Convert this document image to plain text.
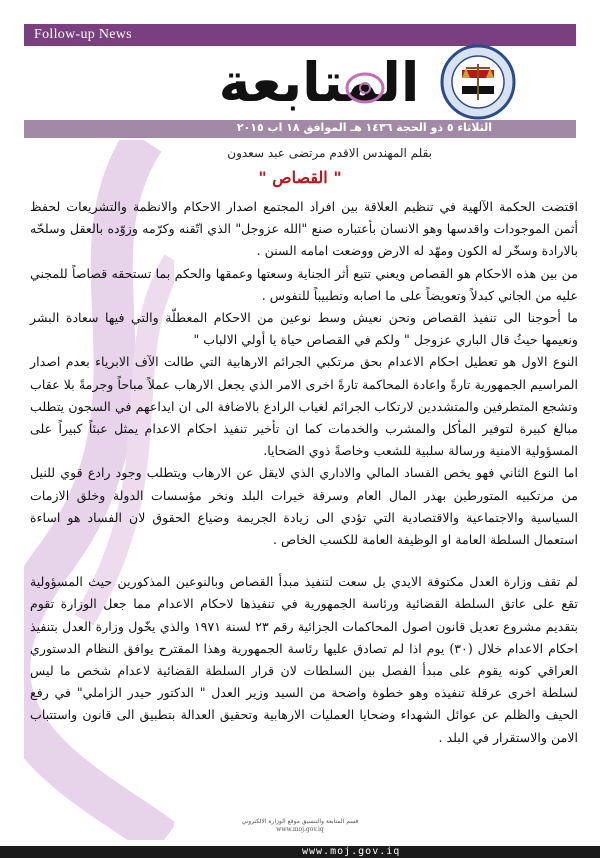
Follow-up News
المتابعة
الثلاثاء ٥ ذو الحجة ١٤٣٦ هـ الموافق ١٨ اب ٢٠١٥
بقلم المهندس الاقدم مرتضى عبد سعدون
" القصاص "

اقتضت الحكمة الآلهية في تنظيم العلاقة بين افراد المجتمع اصدار الاحكام والانظمة والتشريعات لحفظ أثمن الموجودات واقدسها وهو الانسان بأعتباره صنع "الله عزوجل" الذي اتّقنه وكرّمه وزوّده بالعقل وسلحّه بالارادة وسخّر له الكون ومهّد له الارض ووضعت امامه السنن .

من بين هذه الاحكام هو القصاص ويعني تتبع أثر الجناية وسعتها وعمقها والحكم بما تستحقه قصاصاً للمجني عليه من الجاني كبدلاً وتعويضاً على ما اصابه وتطبيباً للنفوس .

ما أحوجنا الى تنفيذ القصاص ونحن نعيش وسط نوعين من الاحكام المعطلّة والتي فيها سعادة البشر ونعيمها حيثُ قال الباري عزوجل " ولكم في القصاص حياة يا أولي الالباب "

النوع الاول هو تعطيل احكام الاعدام بحق مرتكبي الجرائم الارهابية التي طالت الآف الابرياء بعدم اصدار المراسيم الجمهورية تارةً واعادة المحاكمة تارةً اخرى الامر الذي يجعل الارهاب عملاً مباحاً وجرمةً بلا عقاب وتشجع المتطرفين والمتشددين لارتكاب الجرائم لغياب الرادع بالاضافة الى ان ايداعهم في السجون يتطلب مبالغ كبيرة لتوفير المأكل والمشرب والخدمات كما ان تأخير تنفيذ احكام الاعدام يمثل عبئاً كبيراً على المسؤولية الامنية ورسالة سلبية للشعب وخاصةً ذوي الضحايا.

اما النوع الثاني فهو يخص الفساد المالي والاداري الذي لايقل عن الارهاب ويتطلب وجود رادع قوي للنيل من مرتكبيه المتورطين بهدر المال العام وسرقة خيرات البلد ونخر مؤسسات الدولة وخلق الازمات السياسية والاجتماعية والاقتصادية التي تؤدي الى زيادة الجريمة وضياع الحقوق لان الفساد هو اساءة استعمال السلطة العامة او الوظيفة العامة للكسب الخاص .

لم تقف وزارة العدل مكتوفة الايدي بل سعت لتنفيذ مبدأ القصاص وبالنوعين المذكورين حيث المسؤولية تقع على عاتق السلطة القضائية ورئاسة الجمهورية في تنفيذها لاحكام الاعدام مما جعل الوزارة تقوم بتقديم مشروع تعديل قانون اصول المحاكمات الجزائية رقم ٢٣ لسنة ١٩٧١ والذي يخّول وزارة العدل بتنفيذ احكام الاعدام خلال (٣٠) يوم اذا لم تصادق عليها رئاسة الجمهورية وهذا المقترح يوافق النظام الدستوري العراقي كونه يقوم على مبدأ الفصل بين السلطات لان قرار السلطة القضائية لاعدام شخص ما ليس لسلطة اخرى عرقلة تنفيذه وهو خطوة واضحة من السيد وزير العدل " الدكتور حيدر الزاملي" في رفع الحيف والظلم عن عوائل الشهداء وضحايا العمليات الارهابية وتحقيق العدالة بتطبيق الى قانون واستتباب الامن والاستقرار في البلد .

قسم المتابعة والتنسيق موقع الوزارة الالكتروني
www.moj.gov.iq
www.moj.gov.iq
